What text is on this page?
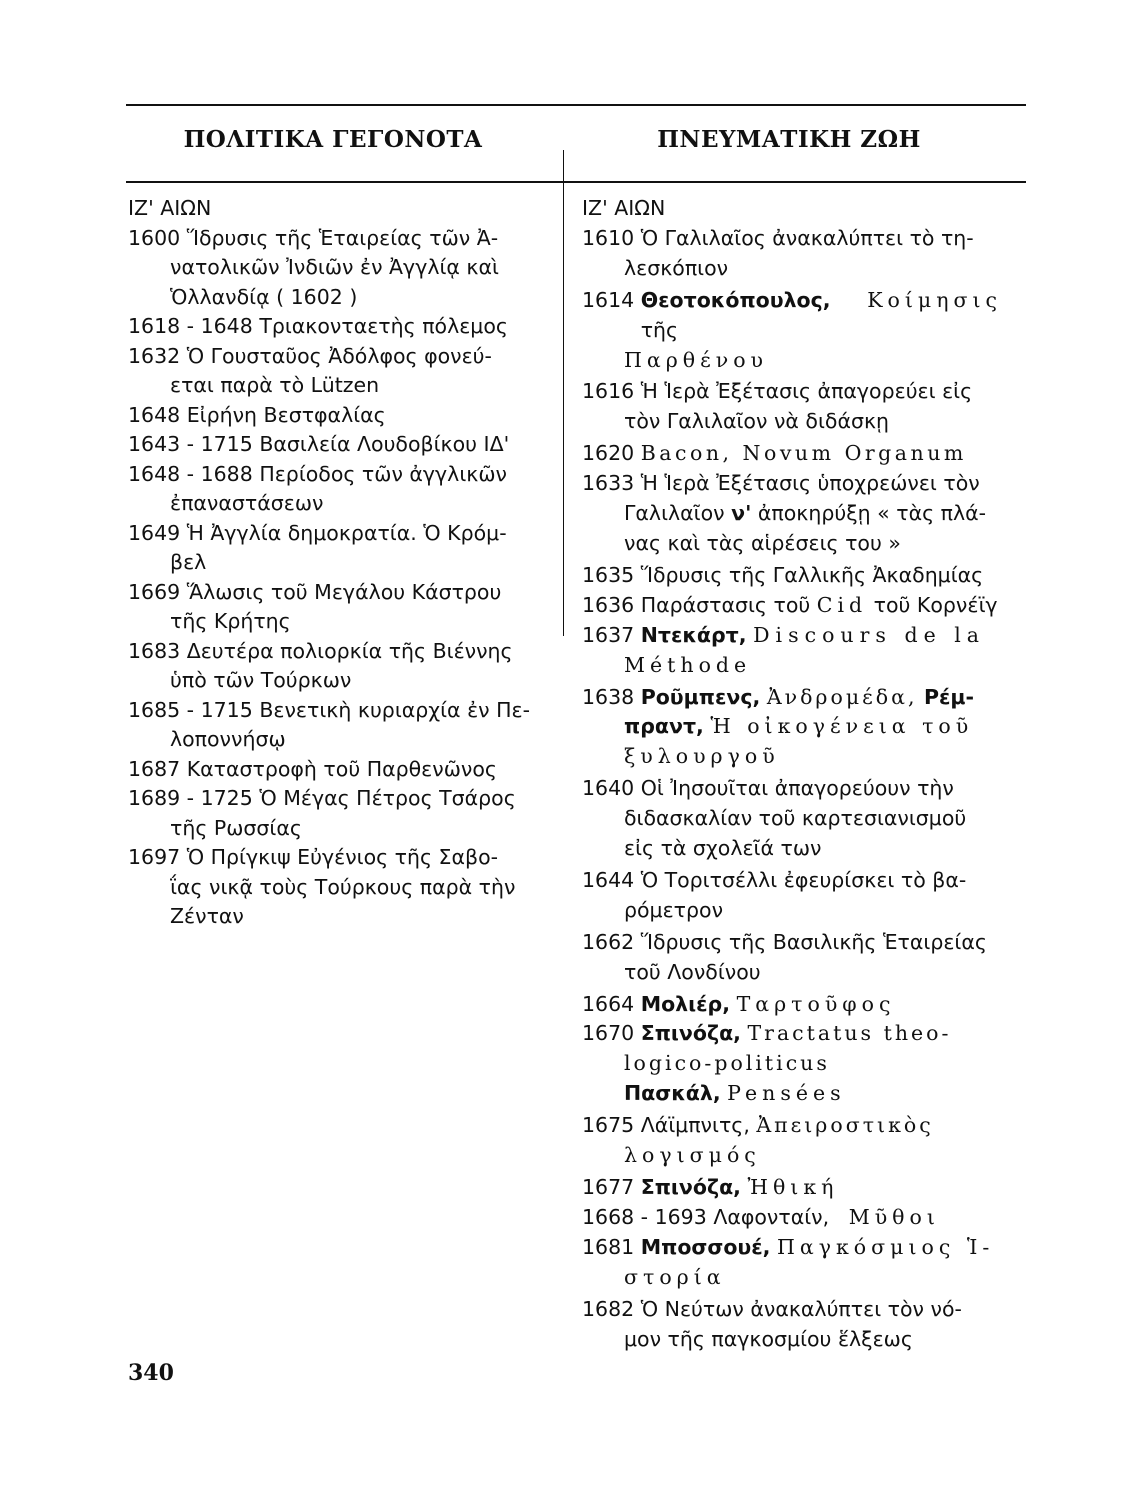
ΠΟΛΙΤΙΚΑ ΓΕΓΟΝΟΤΑ	ΠΝΕΥΜΑΤΙΚΗ ΖΩΗ
ΙΖ' ΑΙΩΝ
1600
Ἵδρυσις τῆς Ἑταιρείας τῶν Ἀ-
νατολικῶν Ἰνδιῶν ἐν Ἀγγλίᾳ καὶ
Ὁλλανδίᾳ ( 1602 )
1618 - 1648
Τριακονταετὴς πόλεμος
1632
Ὁ Γουσταῦος Ἀδόλφος φονεύ-
εται παρὰ τὸ Lützen
1648
Εἰρήνη Βεστφαλίας
1643 - 1715
Βασιλεία Λουδοβίκου ΙΔ'
1648 - 1688
Περίοδος τῶν ἀγγλικῶν
ἐπαναστάσεων
1649
Ἡ Ἀγγλία δημοκρατία. Ὁ Κρόμ-
βελ
1669
Ἅλωσις τοῦ Μεγάλου Κάστρου
τῆς Κρήτης
1683
Δευτέρα πολιορκία τῆς Βιέννης
ὑπὸ τῶν Τούρκων
1685 - 1715
Βενετικὴ κυριαρχία ἐν Πε-
λοποννήσῳ
1687
Καταστροφὴ τοῦ Παρθενῶνος
1689 - 1725
Ὁ Μέγας Πέτρος Τσάρος
τῆς Ρωσσίας
1697
Ὁ Πρίγκιψ Εὐγένιος τῆς Σαβο-
ΐας νικᾷ τοὺς Τούρκους παρὰ τὴν
Ζένταν
ΙΖ' ΑΙΩΝ
1610
Ὁ Γαλιλαῖος ἀνακαλύπτει τὸ τη-
λεσκόπιον
1614
Θεοτοκόπουλος, Κοίμησις τῆς
Παρθένου
1616
Ἡ Ἱερὰ Ἐξέτασις ἀπαγορεύει εἰς
τὸν Γαλιλαῖον νὰ διδάσκῃ
1620
Bacon, Novum Organum
1633
Ἡ Ἱερὰ Ἐξέτασις ὑποχρεώνει τὸν
Γαλιλαῖον ν' ἀποκηρύξῃ « τὰς πλά-
νας καὶ τὰς αἱρέσεις του »
1635
Ἵδρυσις τῆς Γαλλικῆς Ἀκαδημίας
1636
Παράστασις τοῦ Cid τοῦ Κορνέϊγ
1637
Ντεκάρτ, Discours de la
Méthode
1638
Ροῦμπενς, Ἀνδρομέδα, Ρέμ-
πραντ, Ἡ οἰκογένεια τοῦ
ξυλουργοῦ
1640
Οἱ Ἰησουῖται ἀπαγορεύουν τὴν
διδασκαλίαν τοῦ καρτεσιανισμοῦ
εἰς τὰ σχολεῖά των
1644
Ὁ Τοριτσέλλι ἐφευρίσκει τὸ βα-
ρόμετρον
1662
Ἵδρυσις τῆς Βασιλικῆς Ἑταιρείας
τοῦ Λονδίνου
1664
Μολιέρ, Ταρτοῦφος
1670
Σπινόζα, Tractatus theo-
logico-politicus
Πασκάλ, Pensées
1675
Λάϊμπνιτς, Ἀπειροστικὸς
λογισμός
1677
Σπινόζα, Ἠθική
1668 - 1693
Λαφονταίν, Μῦθοι
1681
Μποσσουέ, Παγκόσμιος Ἱ-
στορία
1682
Ὁ Νεύτων ἀνακαλύπτει τὸν νό-
μον τῆς παγκοσμίου ἕλξεως
340
